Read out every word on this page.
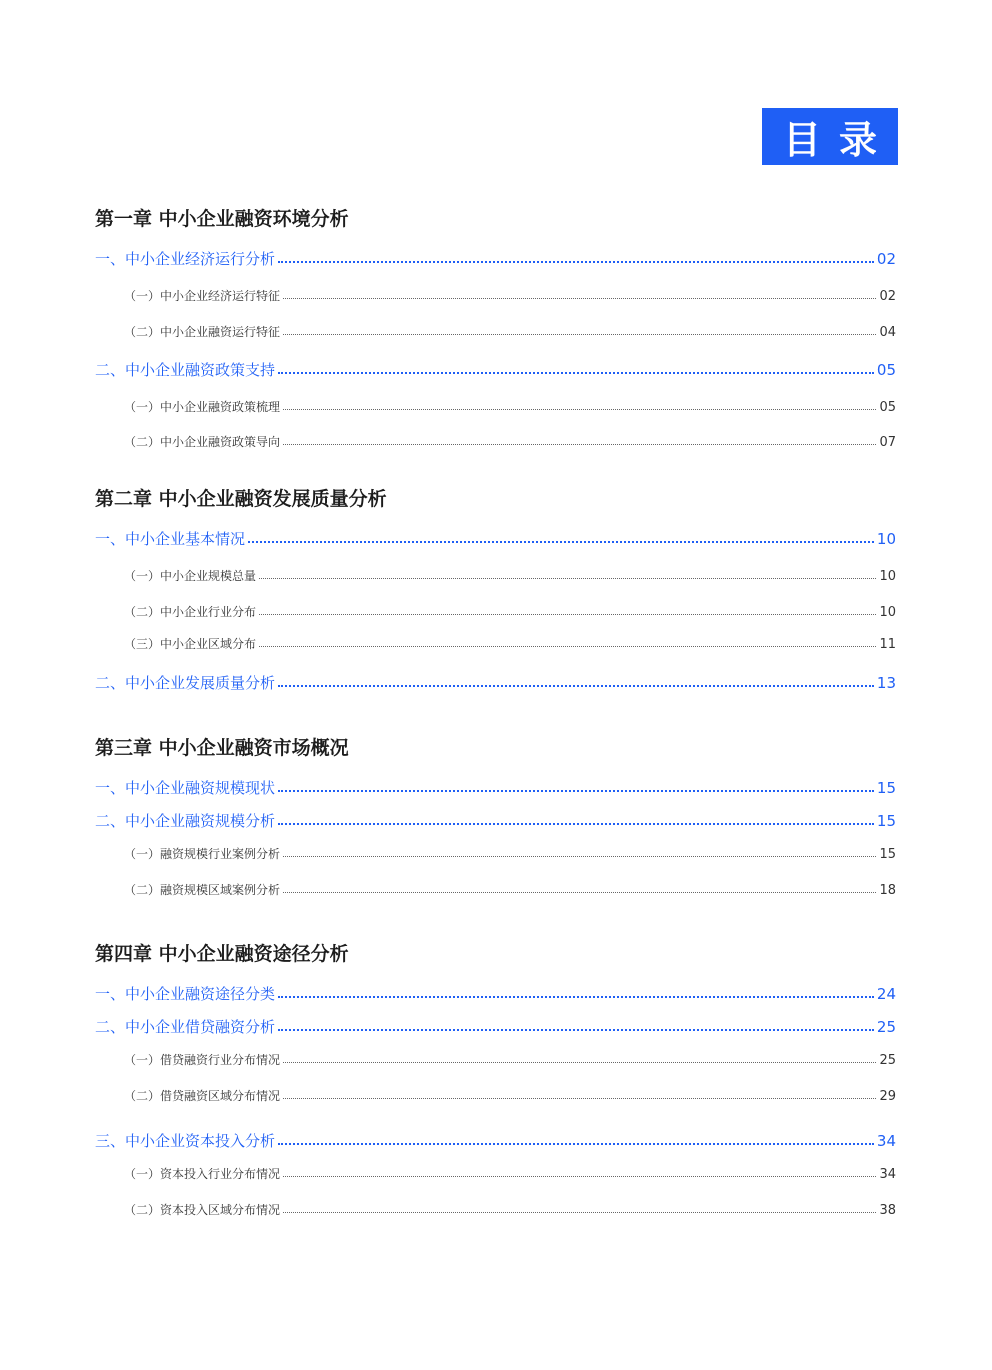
目录
第一章 中小企业融资环境分析
一、中小企业经济运行分析	02
（一）中小企业经济运行特征	02
（二）中小企业融资运行特征	04
二、中小企业融资政策支持	05
（一）中小企业融资政策梳理	05
（二）中小企业融资政策导向	07
第二章 中小企业融资发展质量分析
一、中小企业基本情况	10
（一）中小企业规模总量	10
（二）中小企业行业分布	10
（三）中小企业区域分布	11
二、中小企业发展质量分析	13
第三章 中小企业融资市场概况
一、中小企业融资规模现状	15
二、中小企业融资规模分析	15
（一）融资规模行业案例分析	15
（二）融资规模区域案例分析	18
第四章 中小企业融资途径分析
一、中小企业融资途径分类	24
二、中小企业借贷融资分析	25
（一）借贷融资行业分布情况	25
（二）借贷融资区域分布情况	29
三、中小企业资本投入分析	34
（一）资本投入行业分布情况	34
（二）资本投入区域分布情况	38
